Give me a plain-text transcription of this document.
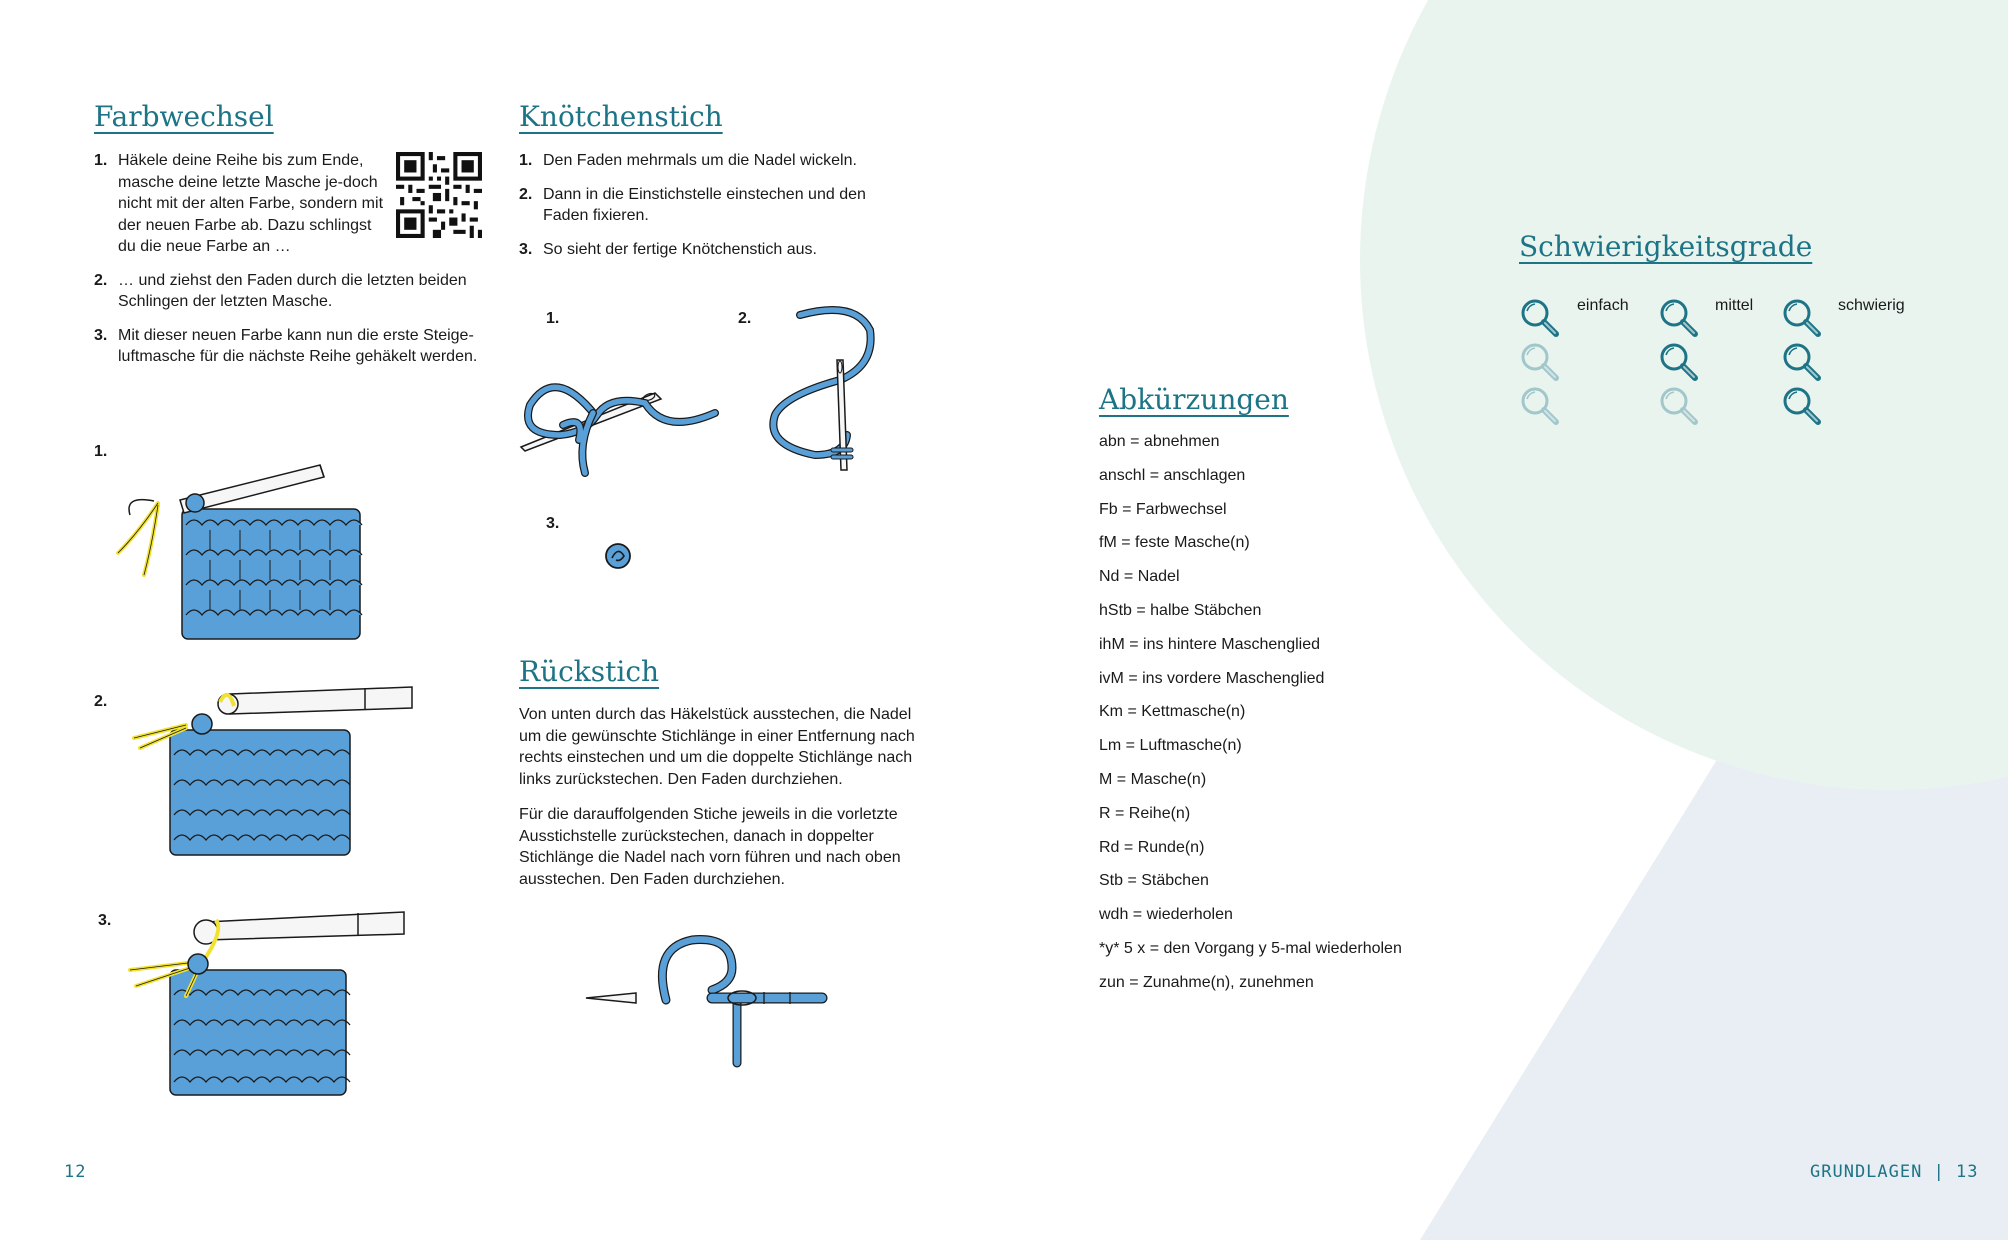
Farbwechsel
1. Häkele deine Reihe bis zum Ende, masche deine letzte Masche je-doch nicht mit der alten Farbe, sondern mit der neuen Farbe ab. Dazu schlingst du die neue Farbe an …
2. … und ziehst den Faden durch die letzten beiden Schlingen der letzten Masche.
3. Mit dieser neuen Farbe kann nun die erste Steige-luftmasche für die nächste Reihe gehäkelt werden.
1.
2.
3.
Knötchenstich
1. Den Faden mehrmals um die Nadel wickeln.
2. Dann in die Einstichstelle einstechen und den Faden fixieren.
3. So sieht der fertige Knötchenstich aus.
1.	2.
3.
Rückstich

Von unten durch das Häkelstück ausstechen, die Nadel um die gewünschte Stichlänge in einer Entfernung nach rechts einstechen und um die doppelte Stichlänge nach links zurückstechen. Den Faden durchziehen.

Für die darauffolgenden Stiche jeweils in die vorletzte Ausstichstelle zurückstechen, danach in doppelter Stichlänge die Nadel nach vorn führen und nach oben ausstechen. Den Faden durchziehen.

Abkürzungen
abn = abnehmen
anschl = anschlagen
Fb = Farbwechsel
fM = feste Masche(n)
Nd = Nadel
hStb = halbe Stäbchen
ihM = ins hintere Maschenglied
ivM = ins vordere Maschenglied
Km = Kettmasche(n)
Lm = Luftmasche(n)
M = Masche(n)
R = Reihe(n)
Rd = Runde(n)
Stb = Stäbchen
wdh = wiederholen
*y* 5 x = den Vorgang y 5-mal wiederholen
zun = Zunahme(n), zunehmen
Schwierigkeitsgrade
einfach	mittel	schwierig
12	GRUNDLAGEN | 13
